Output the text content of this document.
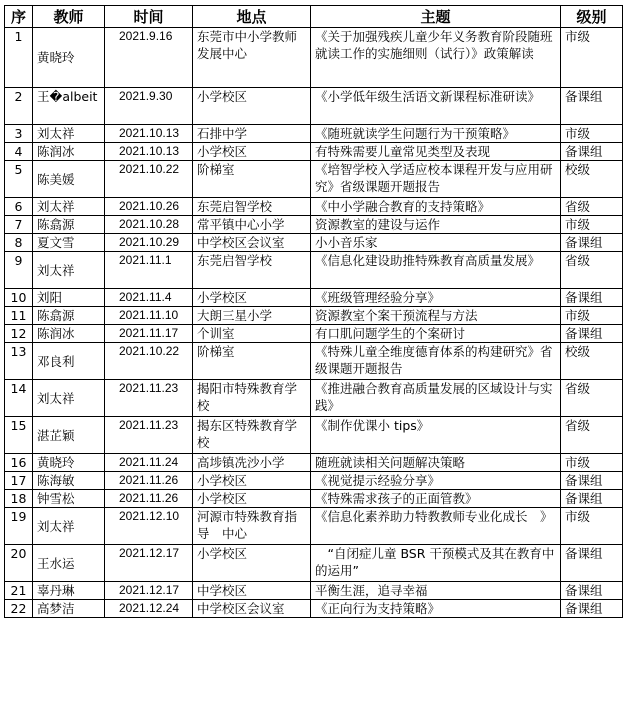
序	教师	时间	地点	主题	级别
1	黄晓玲	2021.9.16	东莞市中小学教师发展中心	《关于加强残疾儿童少年义务教育阶段随班就读工作的实施细则（试行）》政策解读	市级
2	王�albeit	2021.9.30	小学校区	《小学低年级生活语文新课程标准研读》	备课组
3	刘太祥	2021.10.13	石排中学	《随班就读学生问题行为干预策略》	市级
4	陈润冰	2021.10.13	小学校区	有特殊需要儿童常见类型及表现	备课组
5	陈美媛	2021.10.22	阶梯室	《培智学校入学适应校本课程开发与应用研究》省级课题开题报告	校级
6	刘太祥	2021.10.26	东莞启智学校	《中小学融合教育的支持策略》	省级
7	陈翕源	2021.10.28	常平镇中心小学	资源教室的建设与运作	市级
8	夏文雪	2021.10.29	中学校区会议室	小小音乐家	备课组
9	刘太祥	2021.11.1	东莞启智学校	《信息化建设助推特殊教育高质量发展》	省级
10	刘阳	2021.11.4	小学校区	《班级管理经验分享》	备课组
11	陈翕源	2021.11.10	大朗三星小学	资源教室个案干预流程与方法	市级
12	陈润冰	2021.11.17	个训室	有口肌问题学生的个案研讨	备课组
13	邓良利	2021.10.22	阶梯室	《特殊儿童全维度德育体系的构建研究》省级课题开题报告	校级
14	刘太祥	2021.11.23	揭阳市特殊教育学校	《推进融合教育高质量发展的区域设计与实践》	省级
15	湛芷颖	2021.11.23	揭东区特殊教育学校	《制作优课小 tips》	省级
16	黄晓玲	2021.11.24	高埗镇冼沙小学	随班就读相关问题解决策略	市级
17	陈海敏	2021.11.26	小学校区	《视觉提示经验分享》	备课组
18	钟雪松	2021.11.26	小学校区	《特殊需求孩子的正面管教》	备课组
19	刘太祥	2021.12.10	河源市特殊教育指导　中心	《信息化素养助力特教教师专业化成长　》	市级
20	王水运	2021.12.17	小学校区	　“自闭症儿童 BSR 干预模式及其在教育中的运用”	备课组
21	辜丹琳	2021.12.17	中学校区	平衡生涯，追寻幸福	备课组
22	高梦洁	2021.12.24	中学校区会议室	《正向行为支持策略》	备课组
